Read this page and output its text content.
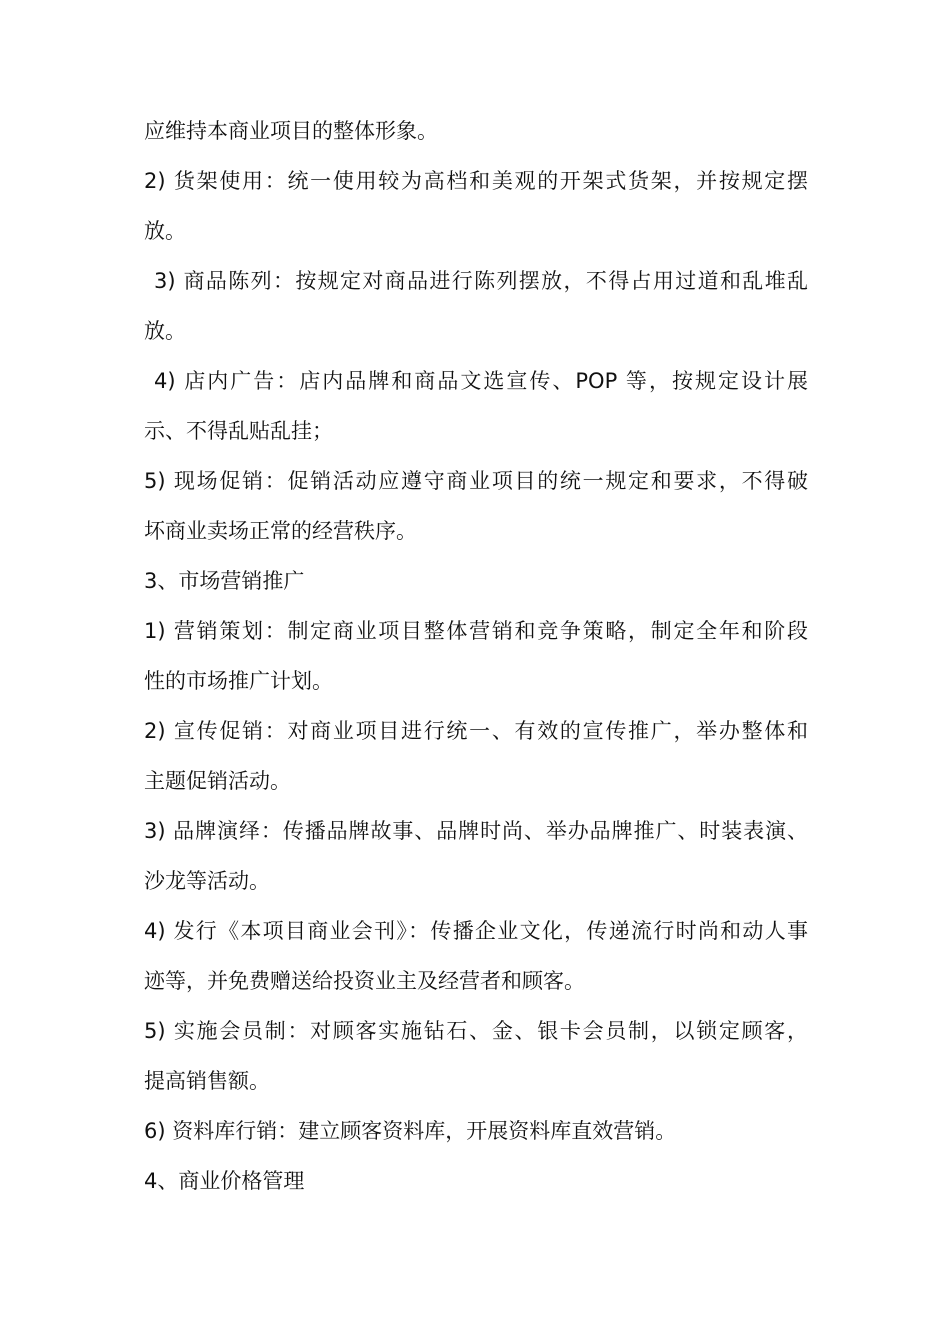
应维持本商业项目的整体形象。
2) 货架使用：统一使用较为高档和美观的开架式货架，并按规定摆
放。
3) 商品陈列：按规定对商品进行陈列摆放，不得占用过道和乱堆乱
放。
4) 店内广告：店内品牌和商品文选宣传、POP 等，按规定设计展
示、不得乱贴乱挂；
5) 现场促销：促销活动应遵守商业项目的统一规定和要求，不得破
坏商业卖场正常的经营秩序。
3、市场营销推广
1) 营销策划：制定商业项目整体营销和竞争策略，制定全年和阶段
性的市场推广计划。
2) 宣传促销：对商业项目进行统一、有效的宣传推广，举办整体和
主题促销活动。
3) 品牌演绎：传播品牌故事、品牌时尚、举办品牌推广、时装表演、
沙龙等活动。
4) 发行《本项目商业会刊》：传播企业文化，传递流行时尚和动人事
迹等，并免费赠送给投资业主及经营者和顾客。
5) 实施会员制：对顾客实施钻石、金、银卡会员制，以锁定顾客，
提高销售额。
6) 资料库行销：建立顾客资料库，开展资料库直效营销。
4、商业价格管理
